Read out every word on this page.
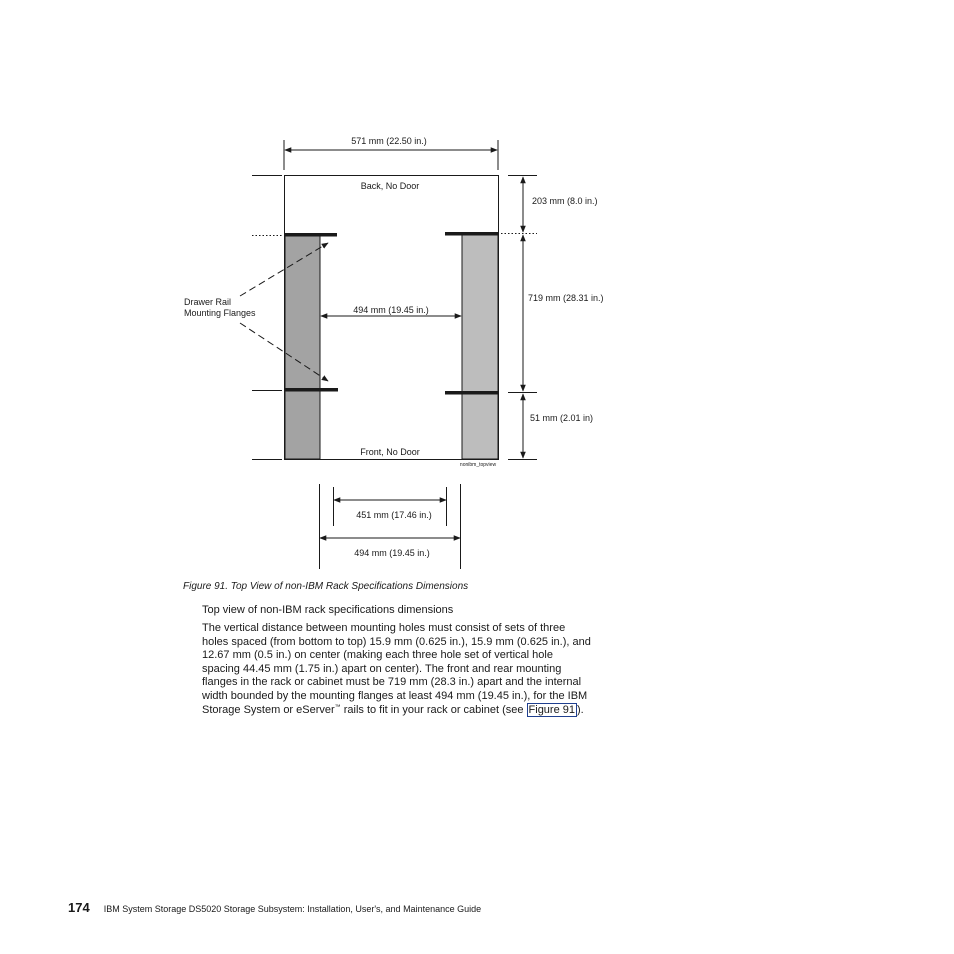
571 mm (22.50 in.)
203 mm (8.0 in.)
719 mm (28.31 in.)
51 mm (2.01 in)
Back, No Door
Front, No Door
494 mm (19.45 in.)
Drawer Rail
Mounting Flanges
nonibm_topview
451 mm (17.46 in.)
494 mm (19.45 in.)
Figure 91. Top View of non-IBM Rack Specifications Dimensions
Top view of non-IBM rack specifications dimensions
The vertical distance between mounting holes must consist of sets of three
holes spaced (from bottom to top) 15.9 mm (0.625 in.), 15.9 mm (0.625 in.), and
12.67 mm (0.5 in.) on center (making each three hole set of vertical hole
spacing 44.45 mm (1.75 in.) apart on center). The front and rear mounting
flanges in the rack or cabinet must be 719 mm (28.3 in.) apart and the internal
width bounded by the mounting flanges at least 494 mm (19.45 in.), for the IBM
Storage System or eServer™ rails to fit in your rack or cabinet (see Figure 91 ).
174 IBM System Storage DS5020 Storage Subsystem: Installation, User's, and Maintenance Guide
